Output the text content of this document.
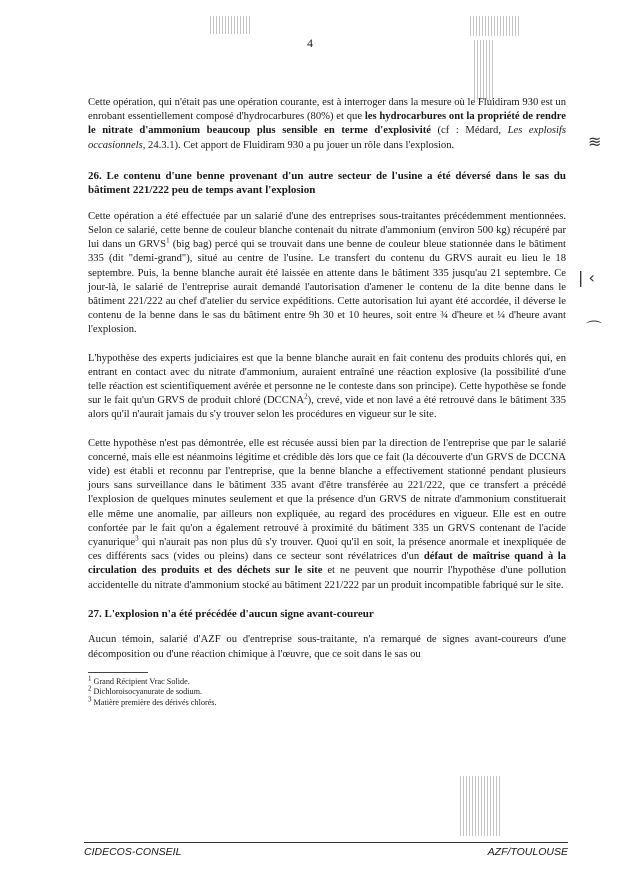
≋
| ‹
⌒
4

Cette opération, qui n'était pas une opération courante, est à interroger dans la mesure où le Fluidiram 930 est un enrobant essentiellement composé d'hydrocarbures (80%) et que les hydrocarbures ont la propriété de rendre le nitrate d'ammonium beaucoup plus sensible en terme d'explosivité (cf : Médard, Les explosifs occasionnels, 24.3.1). Cet apport de Fluidiram 930 a pu jouer un rôle dans l'explosion.

26. Le contenu d'une benne provenant d'un autre secteur de l'usine a été déversé dans le sas du bâtiment 221/222 peu de temps avant l'explosion

Cette opération a été effectuée par un salarié d'une des entreprises sous-traitantes précédemment mentionnées. Selon ce salarié, cette benne de couleur blanche contenait du nitrate d'ammonium (environ 500 kg) récupéré par lui dans un GRVS$^1$ (big bag) percé qui se trouvait dans une benne de couleur bleue stationnée dans le bâtiment 335 (dit "demi-grand"), situé au centre de l'usine. Le transfert du contenu du GRVS aurait eu lieu le 18 septembre. Puis, la benne blanche aurait été laissée en attente dans le bâtiment 335 jusqu'au 21 septembre. Ce jour-là, le salarié de l'entreprise aurait demandé l'autorisation d'amener le contenu de la dite benne dans le bâtiment 221/222 au chef d'atelier du service expéditions. Cette autorisation lui ayant été accordée, il déverse le contenu de la benne dans le sas du bâtiment entre 9h 30 et 10 heures, soit entre ¾ d'heure et ¼ d'heure avant l'explosion.

L'hypothèse des experts judiciaires est que la benne blanche aurait en fait contenu des produits chlorés qui, en entrant en contact avec du nitrate d'ammonium, auraient entraîné une réaction explosive (la possibilité d'une telle réaction est scientifiquement avérée et personne ne le conteste dans son principe). Cette hypothèse se fonde sur le fait qu'un GRVS de produit chloré (DCCNA$^2$), crevé, vide et non lavé a été retrouvé dans le bâtiment 335 alors qu'il n'aurait jamais du s'y trouver selon les procédures en vigueur sur le site.

Cette hypothèse n'est pas démontrée, elle est récusée aussi bien par la direction de l'entreprise que par le salarié concerné, mais elle est néanmoins légitime et crédible dès lors que ce fait (la découverte d'un GRVS de DCCNA vide) est établi et reconnu par l'entreprise, que la benne blanche a effectivement stationné pendant plusieurs jours sans surveillance dans le bâtiment 335 avant d'être transférée au 221/222, que ce transfert a précédé l'explosion de quelques minutes seulement et que la présence d'un GRVS de nitrate d'ammonium constituerait elle même une anomalie, par ailleurs non expliquée, au regard des procédures en vigueur. Elle est en outre confortée par le fait qu'on a également retrouvé à proximité du bâtiment 335 un GRVS contenant de l'acide cyanurique$^3$ qui n'aurait pas non plus dû s'y trouver. Quoi qu'il en soit, la présence anormale et inexpliquée de ces différents sacs (vides ou pleins) dans ce secteur sont révélatrices d'un défaut de maîtrise quand à la circulation des produits et des déchets sur le site et ne peuvent que nourrir l'hypothèse d'une pollution accidentelle du nitrate d'ammonium stocké au bâtiment 221/222 par un produit incompatible fabriqué sur le site.

27. L'explosion n'a été précédée d'aucun signe avant-coureur

Aucun témoin, salarié d'AZF ou d'entreprise sous-traitante, n'a remarqué de signes avant-coureurs d'une décomposition ou d'une réaction chimique à l'œuvre, que ce soit dans le sas ou

$^1$ Grand Récipient Vrac Solide.
$^2$ Dichloroisocyanurate de sodium.
$^3$ Matière première des dérivés chlorés.
CIDECOS-CONSEIL	AZF/TOULOUSE
